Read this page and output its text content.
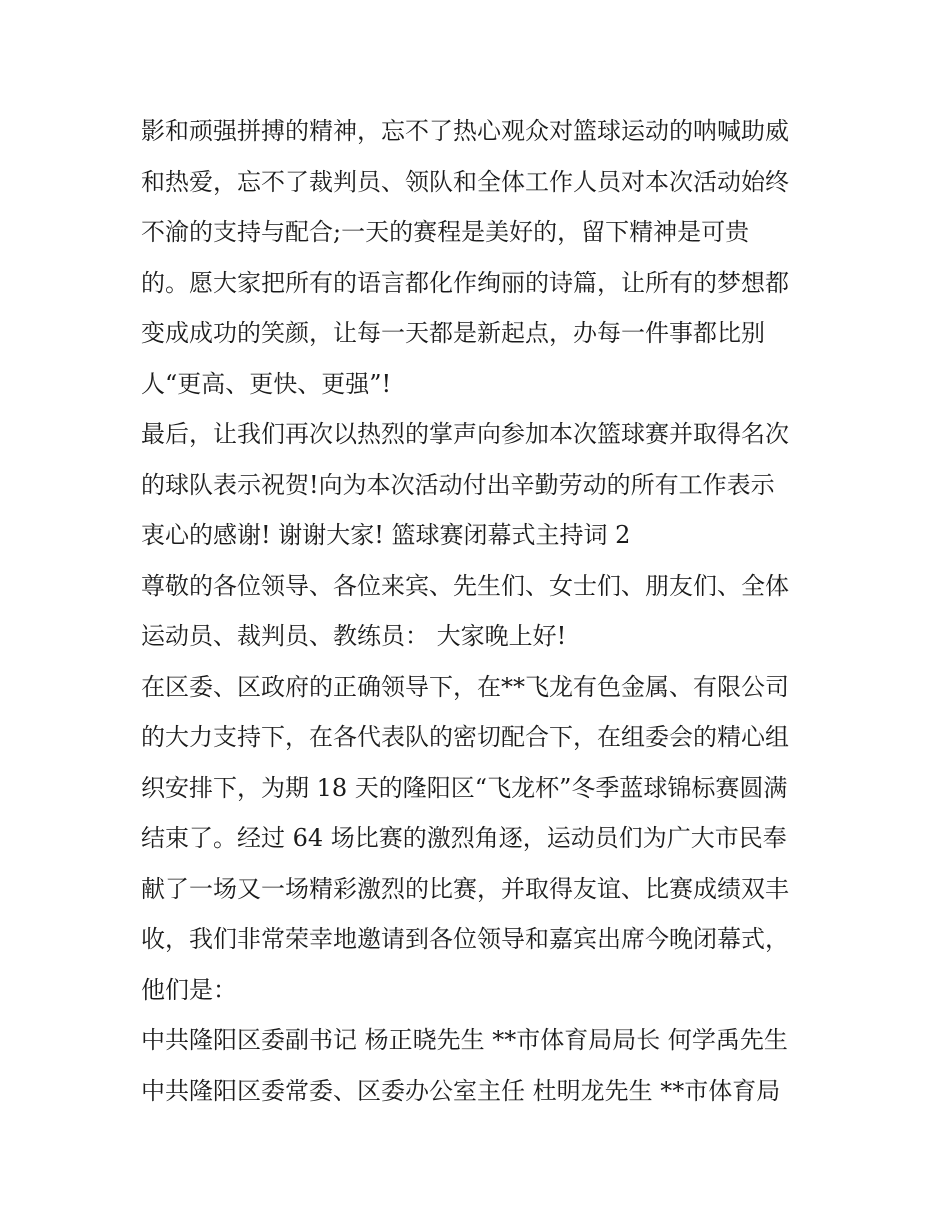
影和顽强拼搏的精神，忘不了热心观众对篮球运动的呐喊助威
和热爱，忘不了裁判员、领队和全体工作人员对本次活动始终
不渝的支持与配合;一天的赛程是美好的，留下精神是可贵
的。愿大家把所有的语言都化作绚丽的诗篇，让所有的梦想都
变成成功的笑颜，让每一天都是新起点，办每一件事都比别
人“更高、更快、更强”!
最后，让我们再次以热烈的掌声向参加本次篮球赛并取得名次
的球队表示祝贺!向为本次活动付出辛勤劳动的所有工作表示
衷心的感谢! 谢谢大家! 篮球赛闭幕式主持词 2
尊敬的各位领导、各位来宾、先生们、女士们、朋友们、全体
运动员、裁判员、教练员： 大家晚上好!
在区委、区政府的正确领导下，在**飞龙有色金属、有限公司
的大力支持下，在各代表队的密切配合下，在组委会的精心组
织安排下，为期 18 天的隆阳区“飞龙杯”冬季蓝球锦标赛圆满
结束了。经过 64 场比赛的激烈角逐，运动员们为广大市民奉
献了一场又一场精彩激烈的比赛，并取得友谊、比赛成绩双丰
收，我们非常荣幸地邀请到各位领导和嘉宾出席今晚闭幕式，
他们是：
中共隆阳区委副书记 杨正晓先生 **市体育局局长 何学禹先生
中共隆阳区委常委、区委办公室主任 杜明龙先生 **市体育局
